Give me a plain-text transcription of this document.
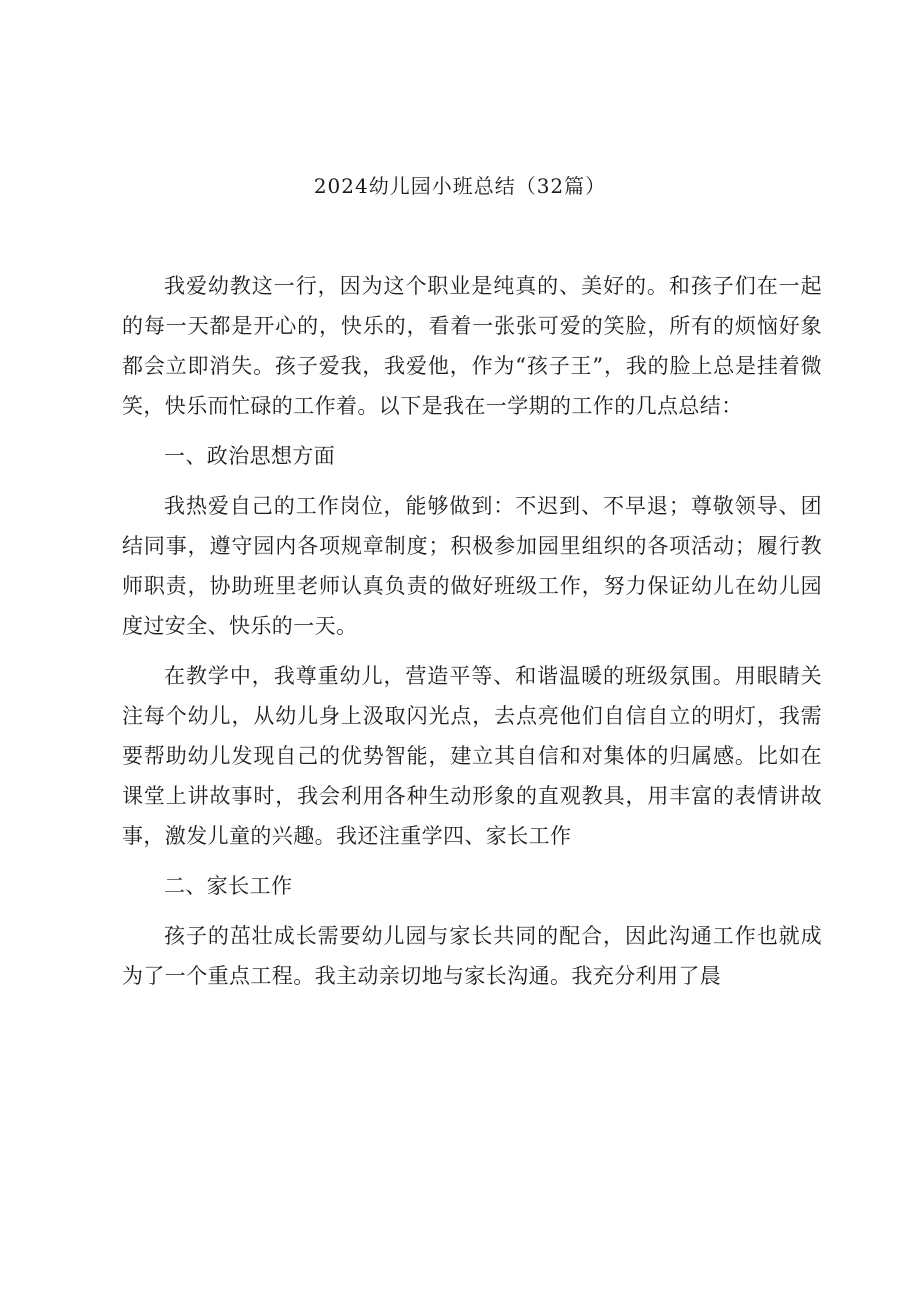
2024幼儿园小班总结（32篇）

我爱幼教这一行，因为这个职业是纯真的、美好的。和孩子们在一起的每一天都是开心的，快乐的，看着一张张可爱的笑脸，所有的烦恼好象都会立即消失。孩子爱我，我爱他，作为“孩子王”，我的脸上总是挂着微笑，快乐而忙碌的工作着。以下是我在一学期的工作的几点总结：

一、政治思想方面

我热爱自己的工作岗位，能够做到：不迟到、不早退；尊敬领导、团结同事，遵守园内各项规章制度；积极参加园里组织的各项活动；履行教师职责，协助班里老师认真负责的做好班级工作，努力保证幼儿在幼儿园度过安全、快乐的一天。

在教学中，我尊重幼儿，营造平等、和谐温暖的班级氛围。用眼睛关注每个幼儿，从幼儿身上汲取闪光点，去点亮他们自信自立的明灯，我需要帮助幼儿发现自己的优势智能，建立其自信和对集体的归属感。比如在课堂上讲故事时，我会利用各种生动形象的直观教具，用丰富的表情讲故事，激发儿童的兴趣。我还注重学四、家长工作

二、家长工作

孩子的茁壮成长需要幼儿园与家长共同的配合，因此沟通工作也就成为了一个重点工程。我主动亲切地与家长沟通。我充分利用了晨
